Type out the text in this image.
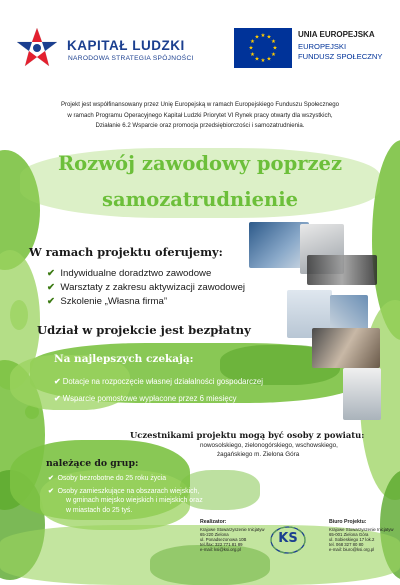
KAPITAŁ LUDZKI
NARODOWA STRATEGIA SPÓJNOŚCI
★ ★
★
★
★
★
★
★
★
★
★
★	UNIA EUROPEJSKA
EUROPEJSKI
FUNDUSZ SPOŁECZNY
Projekt jest współfinansowany przez Unię Europejską w ramach Europejskiego Funduszu Społecznego
w ramach Programu Operacyjnego Kapitał Ludzki Priorytet VI Rynek pracy otwarty dla wszystkich,
Działanie 6.2 Wsparcie oraz promocja przedsiębiorczości i samozatrudnienia.
Rozwój zawodowy poprzez
samozatrudnienie
W ramach projektu oferujemy:
✔ Indywidualne doradztwo zawodowe
✔ Warsztaty z zakresu aktywizacji zawodowej
✔ Szkolenie „Własna firma”
Udział w projekcie jest bezpłatny
Na najlepszych czekają:
✔ Dotacje na rozpoczęcie własnej działalności gospodarczej
✔ Wsparcie pomostowe wypłacone przez 6 miesięcy
Uczestnikami projektu mogą być osoby z powiatu:
nowosolskiego, zielonogórskiego, wschowskiego,
żagańskiego m. Zielona Góra
należące do grup:
✔ Osoby bezrobotne do 25 roku życia
✔ Osoby zamieszkujące na obszarach wiejskich,
w gminach miejsko wiejskich i miejskich oraz
w miastach do 25 tyś.
Realizator:
Krajowe Stowarzyszenie Inicjatyw
65-220 Zielona
ul. Ponadsezonowa 10B
tel./fax: 322 771 81 89
e-mail: ksi@ksi.org.pl
KS
Biuro Projektu:
Krajowe Stowarzyszenie Inicjatyw
65-001 Zielona Góra
ul. Sobieskiego 17 lok.2
tel. 068 327 80 80
e-mail: biuro@ksi.org.pl
